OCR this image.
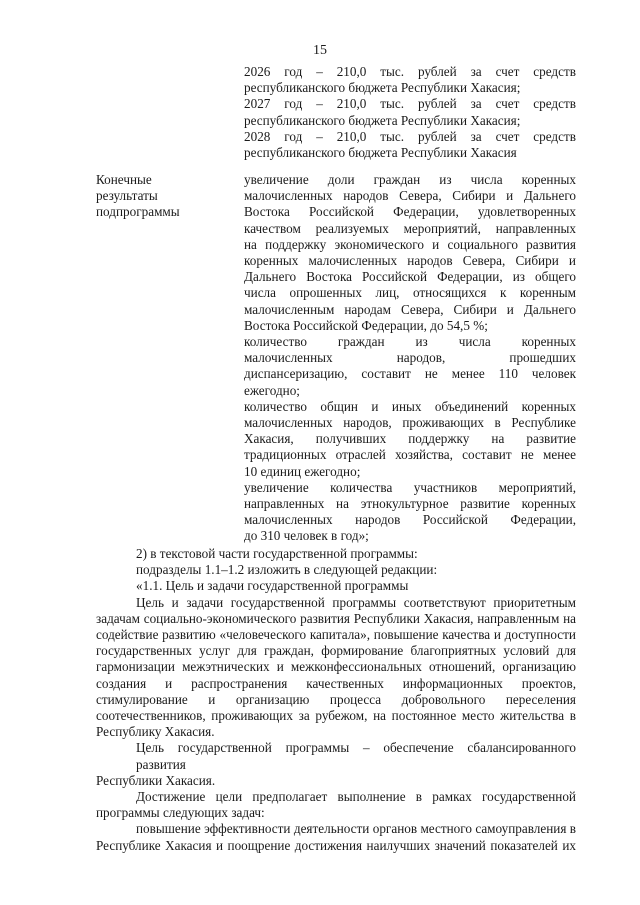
15
2026 год – 210,0 тыс. рублей за счет средств
республиканского бюджета Республики Хакасия;
2027 год – 210,0 тыс. рублей за счет средств
республиканского бюджета Республики Хакасия;
2028 год – 210,0 тыс. рублей за счет средств
республиканского бюджета Республики Хакасия
Конечные
результаты
подпрограммы
увеличение доли граждан из числа коренных
малочисленных народов Севера, Сибири и Дальнего
Востока Российской Федерации, удовлетворенных
качеством реализуемых мероприятий, направленных
на поддержку экономического и социального развития
коренных малочисленных народов Севера, Сибири и
Дальнего Востока Российской Федерации, из общего
числа опрошенных лиц, относящихся к коренным
малочисленным народам Севера, Сибири и Дальнего
Востока Российской Федерации, до 54,5 %;
количество граждан из числа коренных
малочисленных народов, прошедших
диспансеризацию, составит не менее 110 человек
ежегодно;
количество общин и иных объединений коренных
малочисленных народов, проживающих в Республике
Хакасия, получивших поддержку на развитие
традиционных отраслей хозяйства, составит не менее
10 единиц ежегодно;
увеличение количества участников мероприятий,
направленных на этнокультурное развитие коренных
малочисленных народов Российской Федерации,
до 310 человек в год»;
2) в текстовой части государственной программы:
подразделы 1.1–1.2 изложить в следующей редакции:
«1.1. Цель и задачи государственной программы
Цель и задачи государственной программы соответствуют приоритетным
задачам социально-экономического развития Республики Хакасия, направленным на
содействие развитию «человеческого капитала», повышение качества и доступности
государственных услуг для граждан, формирование благоприятных условий для
гармонизации межэтнических и межконфессиональных отношений, организацию
создания и распространения качественных информационных проектов,
стимулирование и организацию процесса добровольного переселения
соотечественников, проживающих за рубежом, на постоянное место жительства в
Республику Хакасия.
Цель государственной программы – обеспечение сбалансированного развития
Республики Хакасия.
Достижение цели предполагает выполнение в рамках государственной
программы следующих задач:
повышение эффективности деятельности органов местного самоуправления в
Республике Хакасия и поощрение достижения наилучших значений показателей их
